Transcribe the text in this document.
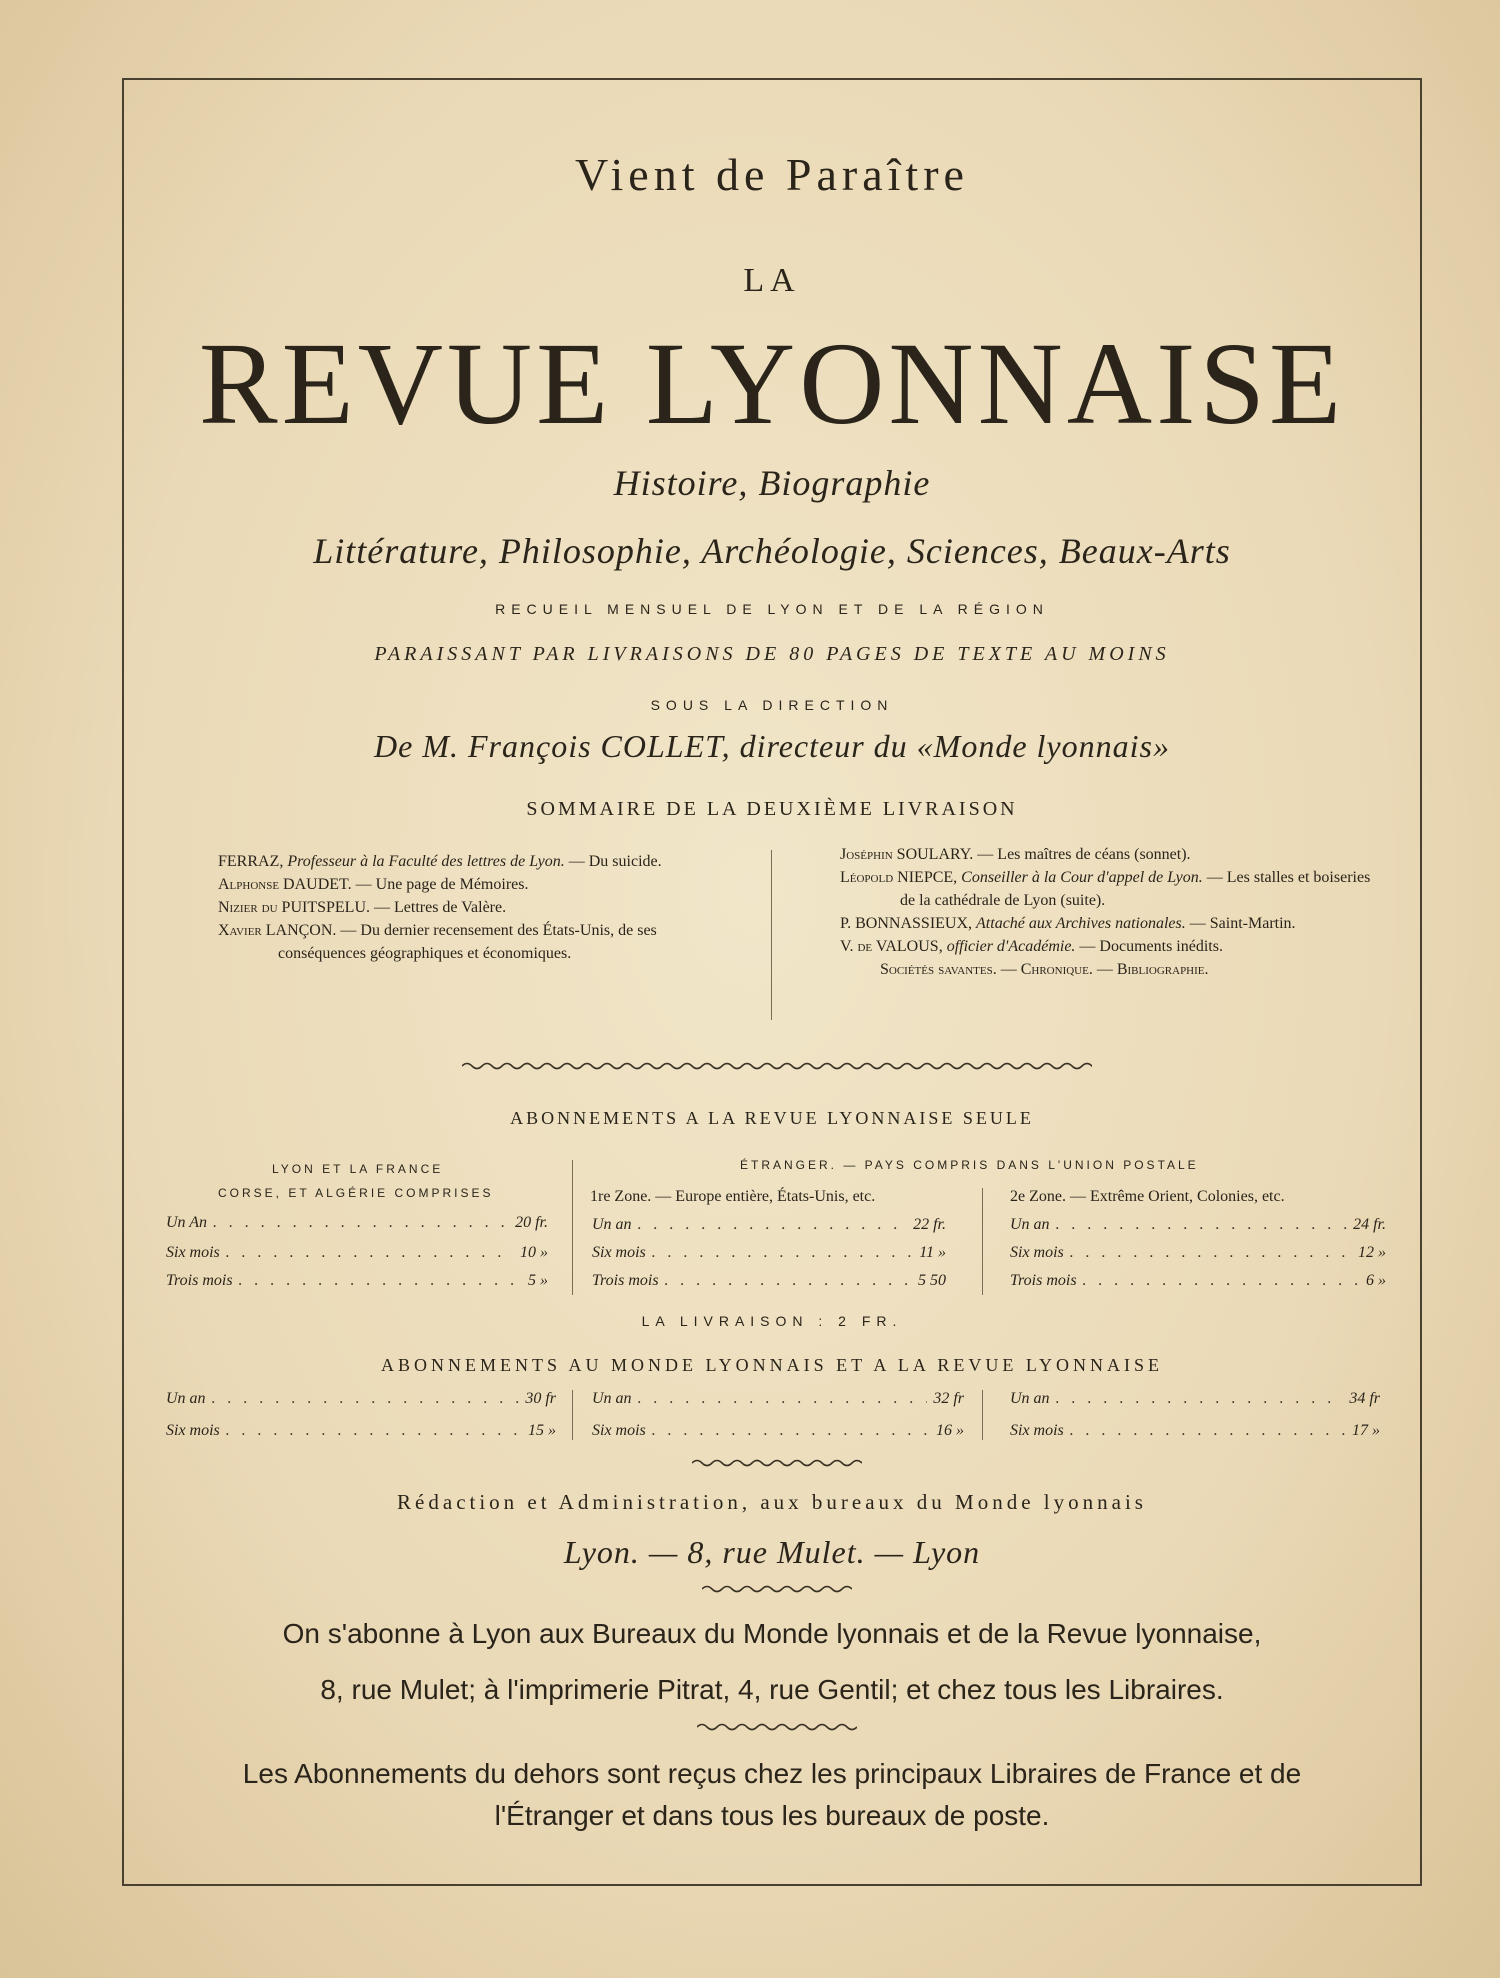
Vient de Paraître
LA
REVUE LYONNAISE
Histoire, Biographie
Littérature, Philosophie, Archéologie, Sciences, Beaux-Arts
RECUEIL MENSUEL DE LYON ET DE LA RÉGION
PARAISSANT PAR LIVRAISONS DE 80 PAGES DE TEXTE AU MOINS
SOUS LA DIRECTION
De M. François COLLET, directeur du «Monde lyonnais»
SOMMAIRE DE LA DEUXIÈME LIVRAISON

FERRAZ, Professeur à la Faculté des lettres de Lyon. — Du suicide.

Alphonse DAUDET. — Une page de Mémoires.

Nizier du PUITSPELU. — Lettres de Valère.

Xavier LANÇON. — Du dernier recensement des États-Unis, de ses conséquences géographiques et économiques.

Joséphin SOULARY. — Les maîtres de céans (sonnet).

Léopold NIEPCE, Conseiller à la Cour d'appel de Lyon. — Les stalles et boiseries de la cathédrale de Lyon (suite).

P. BONNASSIEUX, Attaché aux Archives nationales. — Saint-Martin.

V. de VALOUS, officier d'Académie. — Documents inédits.

Sociétés savantes. — Chronique. — Bibliographie.

ABONNEMENTS A LA REVUE LYONNAISE SEULE
LYON ET LA FRANCE
CORSE, ET ALGÉRIE COMPRISES
Un An . . .	20 fr.
Six mois . . .	10 »
Trois mois . . .	5 »
ÉTRANGER. — PAYS COMPRIS DANS L'UNION POSTALE
1re Zone. — Europe entière, États-Unis, etc.
Un an . . .	22 fr.
Six mois . . .	11 »
Trois mois . . .	5 50
2e Zone. — Extrême Orient, Colonies, etc.
Un an . . .	24 fr.
Six mois . . .	12 »
Trois mois . . .	6 »
LA LIVRAISON : 2 FR.
ABONNEMENTS AU MONDE LYONNAIS ET A LA REVUE LYONNAISE
Un an . . .	30 fr
Six mois . . .	15 »
Un an . . .	32 fr
Six mois . . .	16 »
Un an . . .	34 fr
Six mois . . .	17 »
Rédaction et Administration, aux bureaux du Monde lyonnais
Lyon. — 8, rue Mulet. — Lyon
On s'abonne à Lyon aux Bureaux du Monde lyonnais et de la Revue lyonnaise,
8, rue Mulet; à l'imprimerie Pitrat, 4, rue Gentil; et chez tous les Libraires.
Les Abonnements du dehors sont reçus chez les principaux Libraires de France et de
l'Étranger et dans tous les bureaux de poste.
